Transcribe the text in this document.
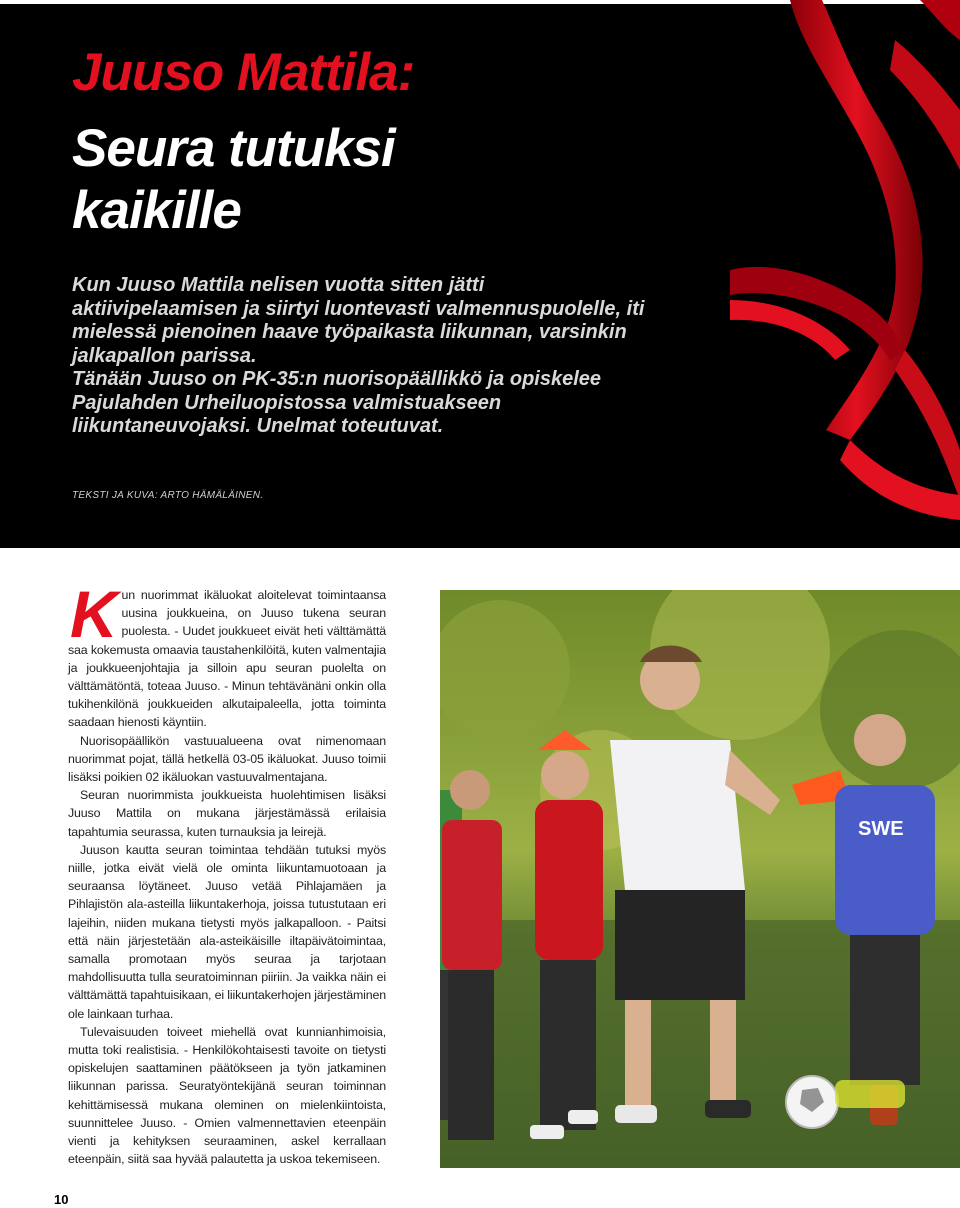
Juuso Mattila:
Seura tutuksi
kaikille

Kun Juuso Mattila nelisen vuotta sitten jätti aktiivipelaamisen ja siirtyi luontevasti valmennuspuolelle, iti mielessä pienoinen haave työpaikasta liikunnan, varsinkin jalkapallon parissa.

Tänään Juuso on PK-35:n nuorisopäällikkö ja opiskelee Pajulahden Urheiluopistossa valmistuakseen liikuntaneuvojaksi. Unelmat toteutuvat.

TEKSTI JA KUVA: ARTO HÄMÄLÄINEN.
K un nuorimmat ikäluokat aloitelevat toimintaansa uusina joukkueina, on Juuso tukena seuran puolesta. - Uudet joukkueet eivät heti välttämättä saa kokemusta omaavia taustahenkilöitä, kuten valmentajia ja joukkueenjohtajia ja silloin apu seuran puolelta on välttämätöntä, toteaa Juuso. - Minun tehtävänäni onkin olla tukihenkilönä joukkueiden alkutaipaleella, jotta toiminta saadaan hienosti käyntiin.

Nuorisopäällikön vastuualueena ovat nimenomaan nuorimmat pojat, tällä hetkellä 03-05 ikäluokat. Juuso toimii lisäksi poikien 02 ikäluokan vastuuvalmentajana.

Seuran nuorimmista joukkueista huolehtimisen lisäksi Juuso Mattila on mukana järjestämässä erilaisia tapahtumia seurassa, kuten turnauksia ja leirejä.

Juuson kautta seuran toimintaa tehdään tutuksi myös niille, jotka eivät vielä ole ominta liikuntamuotoaan ja seuraansa löytäneet. Juuso vetää Pihlajamäen ja Pihlajistön ala-asteilla liikuntakerhoja, joissa tutustutaan eri lajeihin, niiden mukana tietysti myös jalkapalloon. - Paitsi että näin järjestetään ala-asteikäisille iltapäivätoimintaa, samalla promotaan myös seuraa ja tarjotaan mahdollisuutta tulla seuratoiminnan piiriin. Ja vaikka näin ei välttämättä tapahtuisikaan, ei liikuntakerhojen järjestäminen ole lainkaan turhaa.

Tulevaisuuden toiveet miehellä ovat kunnianhimoisia, mutta toki realistisia. - Henkilökohtaisesti tavoite on tietysti opiskelujen saattaminen päätökseen ja työn jatkaminen liikunnan parissa. Seuratyöntekijänä seuran toiminnan kehittämisessä mukana oleminen on mielenkiintoista, suunnittelee Juuso. - Omien valmennettavien eteenpäin vienti ja kehityksen seuraaminen, askel kerrallaan eteenpäin, siitä saa hyvää palautetta ja uskoa tekemiseen.

SWE
10
